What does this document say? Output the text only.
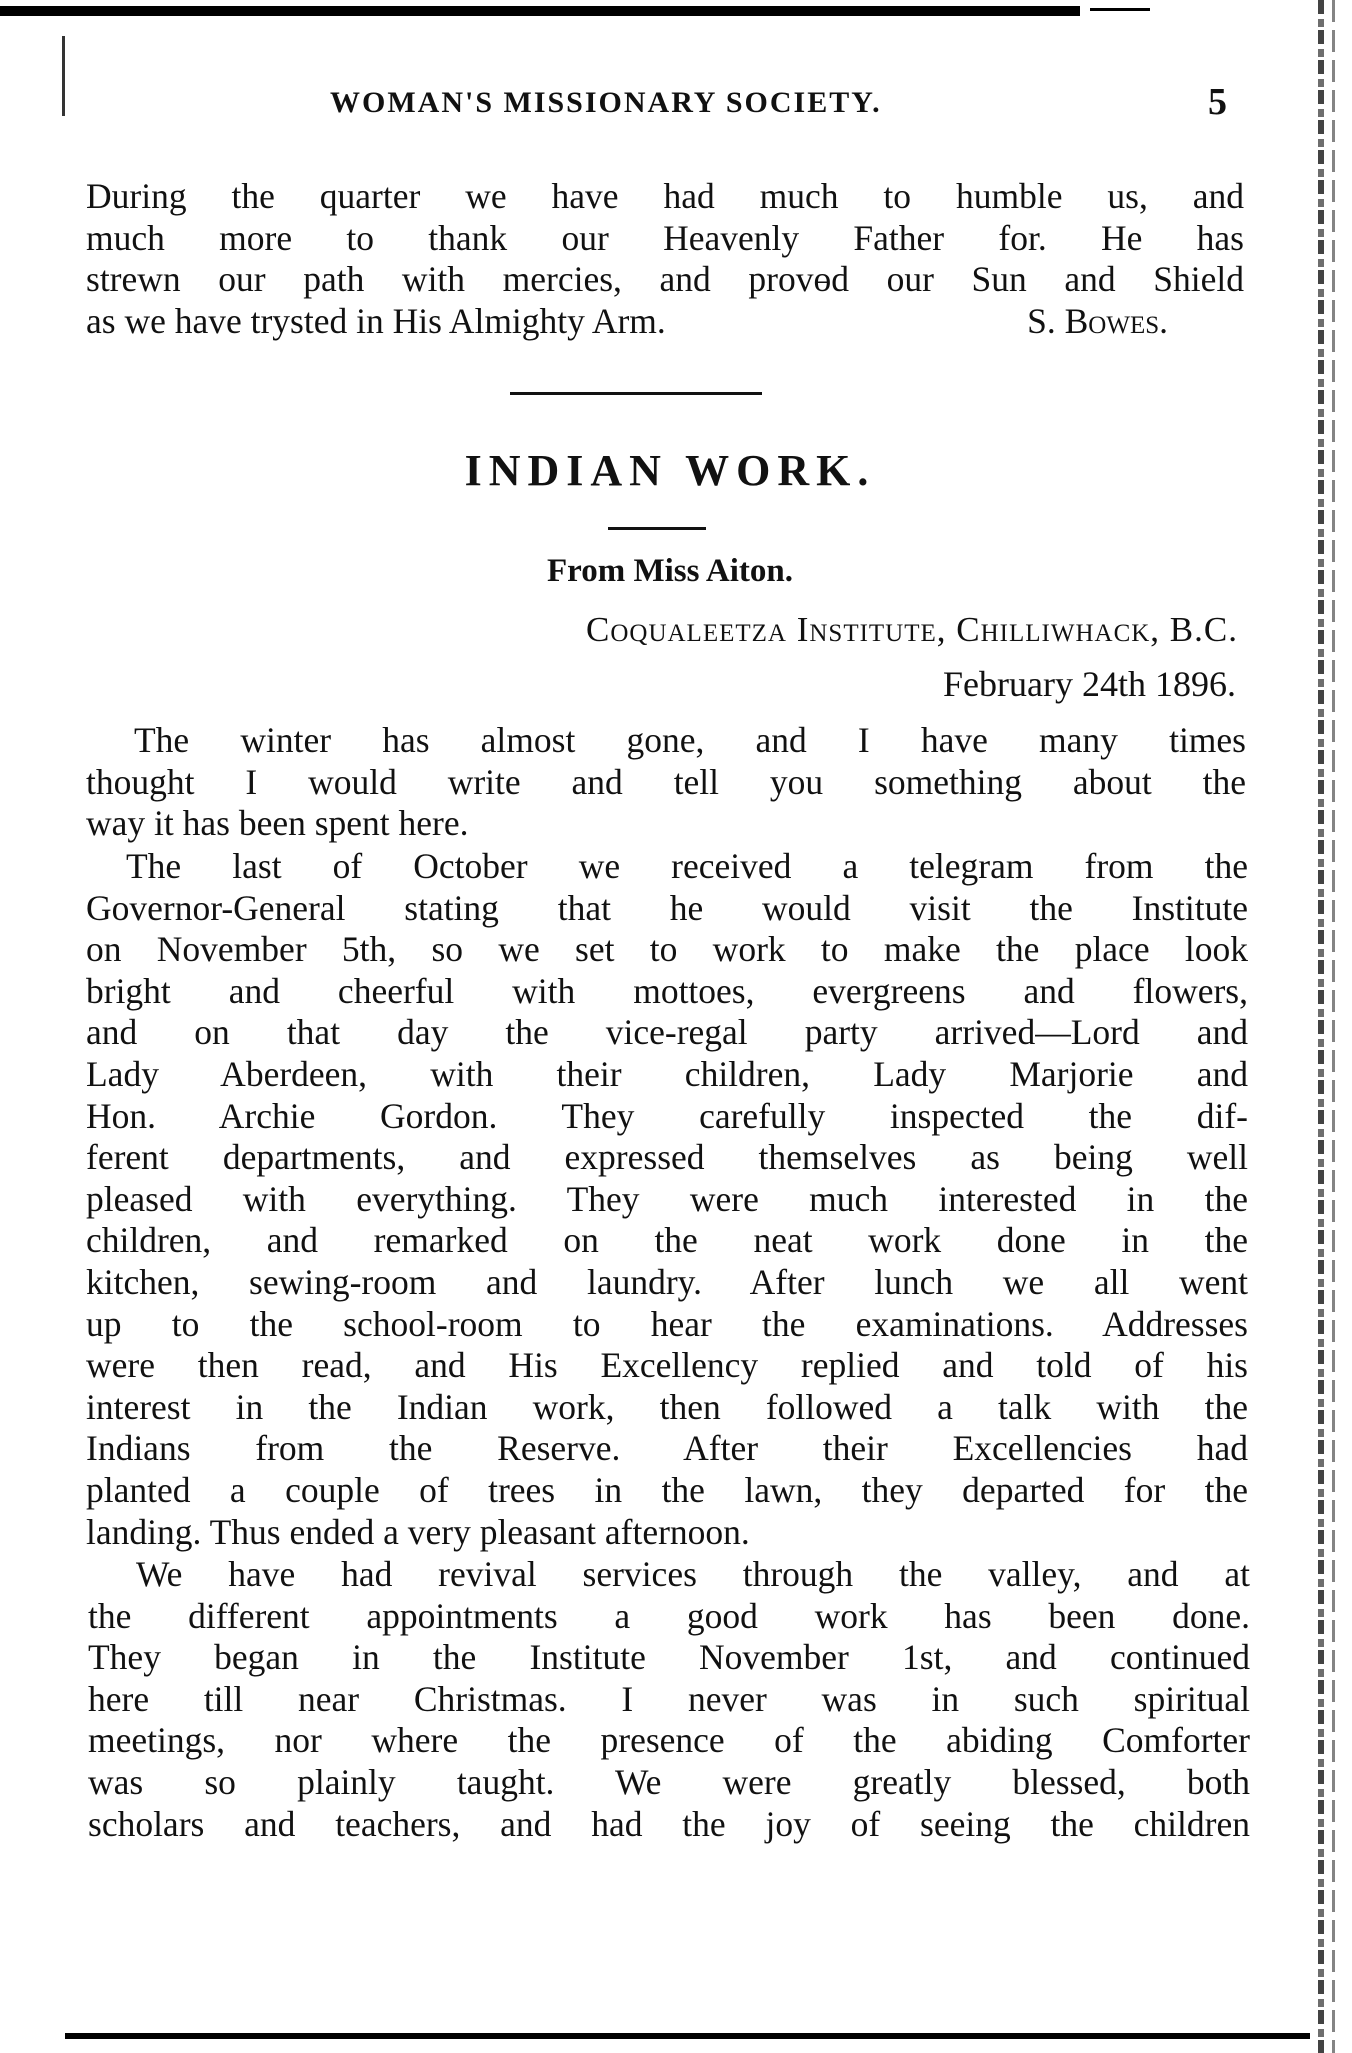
WOMAN'S MISSIONARY SOCIETY.	5
During the quarter we have had much to humble us, and
much more to thank our Heavenly Father for. He has
strewn our path with mercies, and provɵd our Sun and Shield
as we have trysted in His Almighty Arm.	S. Bowes.
INDIAN WORK.
From Miss Aiton.
Coqualeetza Institute, Chilliwhack, B.C.
February 24th 1896.
The winter has almost gone, and I have many times
thought I would write and tell you something about the
way it has been spent here.
The last of October we received a telegram from the
Governor-General stating that he would visit the Institute
on November 5th, so we set to work to make the place look
bright and cheerful with mottoes, evergreens and flowers,
and on that day the vice-regal party arrived—Lord and
Lady Aberdeen, with their children, Lady Marjorie and
Hon. Archie Gordon. They carefully inspected the dif-
ferent departments, and expressed themselves as being well
pleased with everything. They were much interested in the
children, and remarked on the neat work done in the
kitchen, sewing-room and laundry. After lunch we all went
up to the school-room to hear the examinations. Addresses
were then read, and His Excellency replied and told of his
interest in the Indian work, then followed a talk with the
Indians from the Reserve. After their Excellencies had
planted a couple of trees in the lawn, they departed for the
landing. Thus ended a very pleasant afternoon.
We have had revival services through the valley, and at
the different appointments a good work has been done.
They began in the Institute November 1st, and continued
here till near Christmas. I never was in such spiritual
meetings, nor where the presence of the abiding Comforter
was so plainly taught. We were greatly blessed, both
scholars and teachers, and had the joy of seeing the children
